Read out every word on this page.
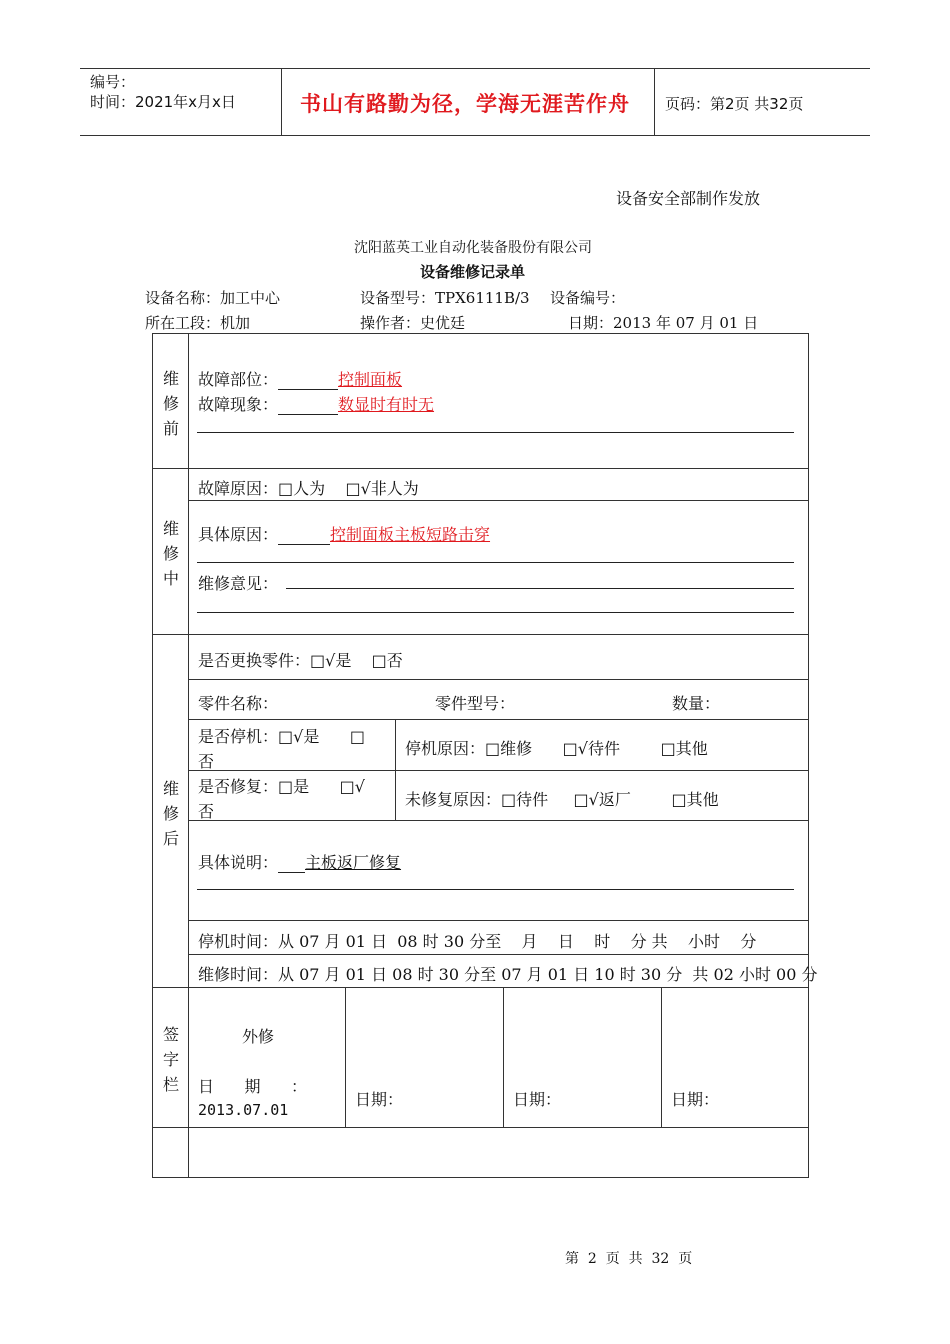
编号：
时间：2021年x月x日	书山有路勤为径，学海无涯苦作舟 页码：第2页 共32页
设备安全部制作发放
沈阳蓝英工业自动化装备股份有限公司
设备维修记录单
设备名称：加工中心	设备型号：TPX6111B/3 设备编号：
所在工段：机加	操作者：史优廷	日期：2013 年 07 月 01 日
维修前
故障部位：	控制面板
故障现象：	数显时有时无
维修中
故障原因：□人为    □√非人为
具体原因：	控制面板主板短路击穿
维修意见：
维修后
是否更换零件：□√是    □否
零件名称：	零件型号：	数量：
是否停机：□√是      □
否
停机原因：□维修      □√待件        □其他
是否修复：□是      □√
否
未修复原因：□待件     □√返厂        □其他
具体说明： 主板返厂修复
停机时间：从 07 月 01 日  08 时 30 分至    月    日    时    分 共    小时    分
维修时间：从 07 月 01 日 08 时 30 分至 07 月 01 日 10 时 30 分  共 02 小时 00 分
签字栏
外修
日      期      ：
2013.07.01
日期：	日期：	日期：
第  2  页  共  32  页
